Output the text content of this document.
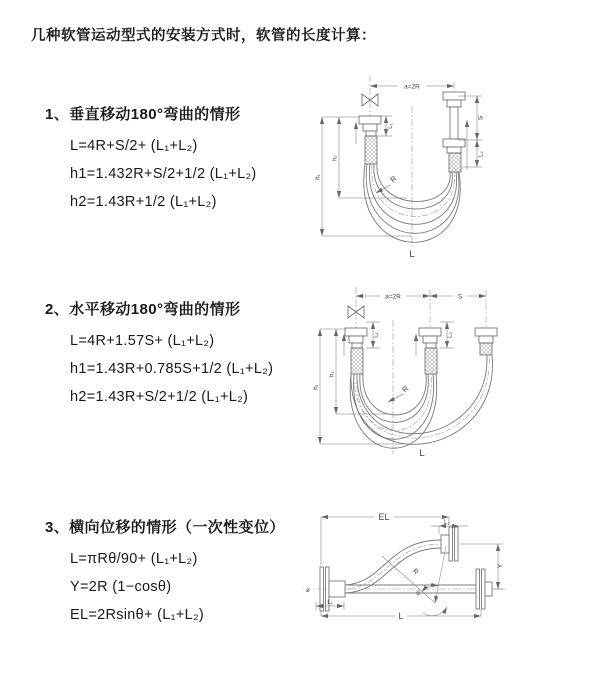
几种软管运动型式的安装方式时，软管的长度计算：
1、垂直移动180°弯曲的情形
L=4R+S/2+ (L₁+L₂)
h1=1.432R+S/2+1/2 (L₁+L₂)
h2=1.43R+1/2 (L₁+L₂)
2、水平移动180°弯曲的情形
L=4R+1.57S+ (L₁+L₂)
h1=1.43R+0.785S+1/2 (L₁+L₂)
h2=1.43R+S/2+1/2 (L₁+L₂)
3、横向位移的情形（一次性变位）
L=πRθ/90+ (L₁+L₂)
Y=2R (1−cosθ)
EL=2Rsinθ+ (L₁+L₂)
a=2R
L₁
h₁
h₂
S
L₂
R
L
a=2R	S
L₁	L₂
h₁
h₂
R
L
EL
L₂
Y
L
L₁
R
θ
ø
